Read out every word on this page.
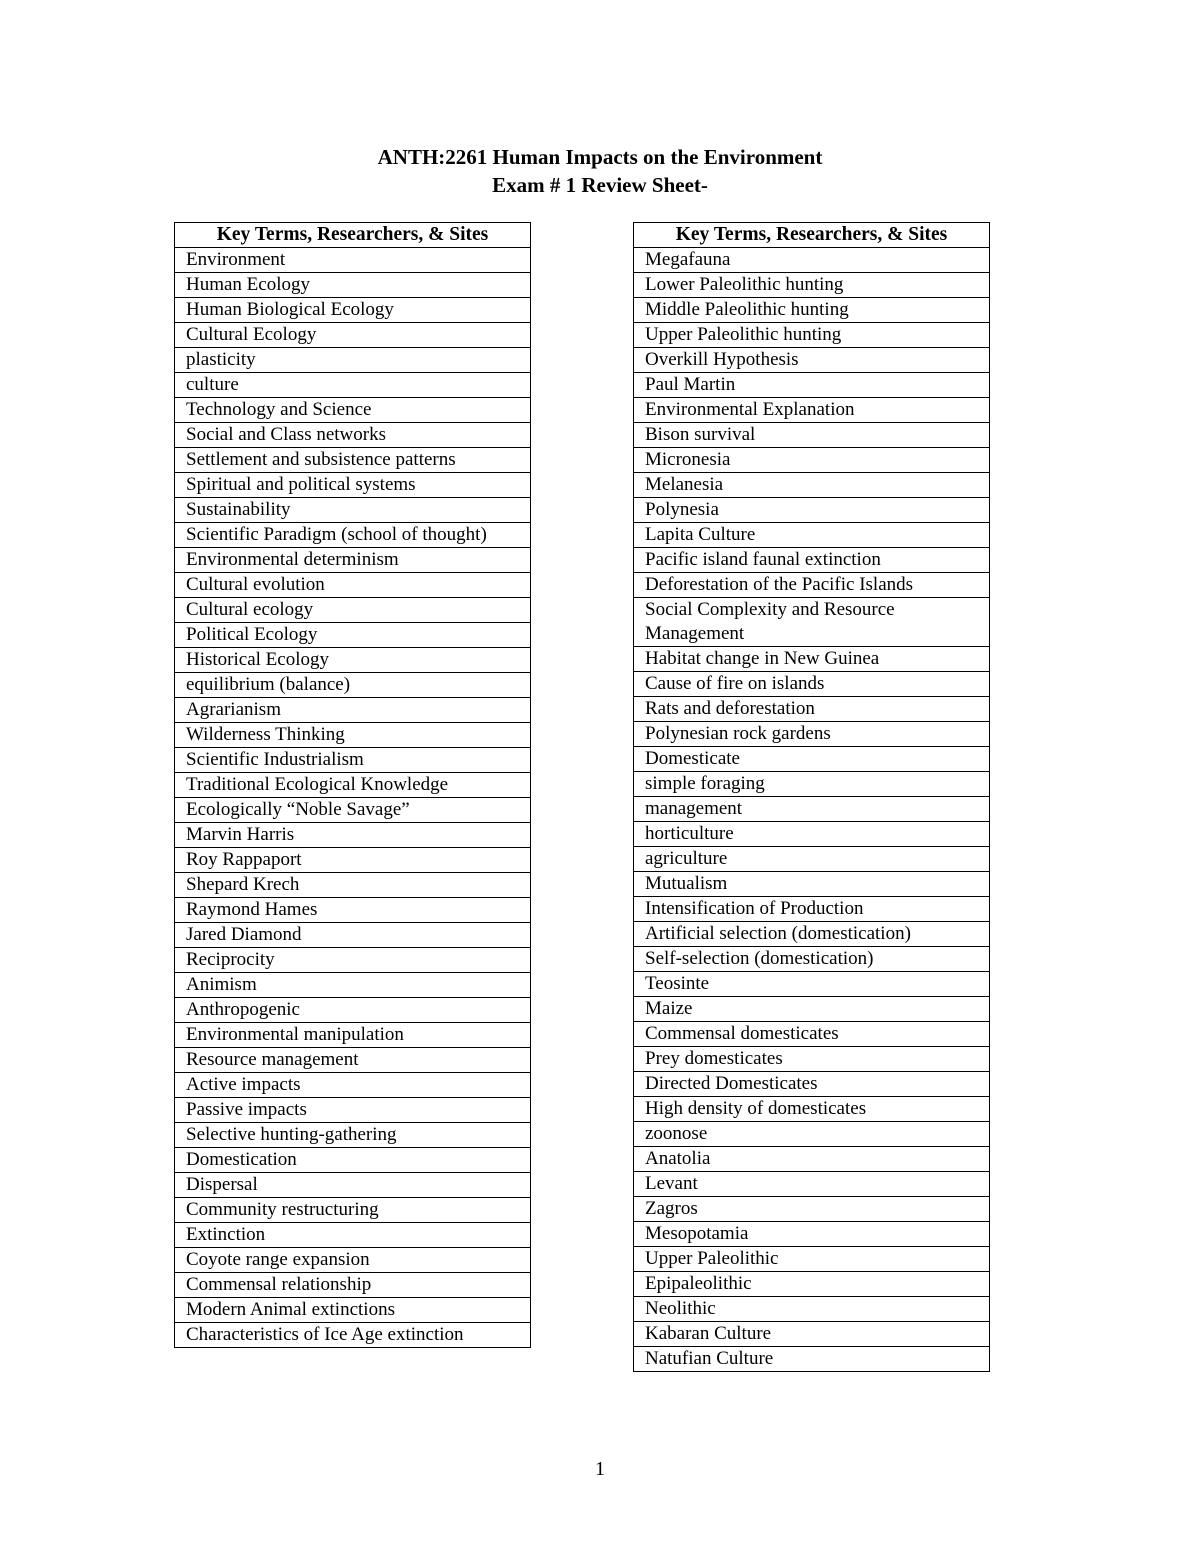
ANTH:2261 Human Impacts on the Environment
Exam # 1 Review Sheet-
Key Terms, Researchers, & Sites
Environment
Human Ecology
Human Biological Ecology
Cultural Ecology
plasticity
culture
Technology and Science
Social and Class networks
Settlement and subsistence patterns
Spiritual and political systems
Sustainability
Scientific Paradigm (school of thought)
Environmental determinism
Cultural evolution
Cultural ecology
Political Ecology
Historical Ecology
equilibrium (balance)
Agrarianism
Wilderness Thinking
Scientific Industrialism
Traditional Ecological Knowledge
Ecologically “Noble Savage”
Marvin Harris
Roy Rappaport
Shepard Krech
Raymond Hames
Jared Diamond
Reciprocity
Animism
Anthropogenic
Environmental manipulation
Resource management
Active impacts
Passive impacts
Selective hunting-gathering
Domestication
Dispersal
Community restructuring
Extinction
Coyote range expansion
Commensal relationship
Modern Animal extinctions
Characteristics of Ice Age extinction
Key Terms, Researchers, & Sites
Megafauna
Lower Paleolithic hunting
Middle Paleolithic hunting
Upper Paleolithic hunting
Overkill Hypothesis
Paul Martin
Environmental Explanation
Bison survival
Micronesia
Melanesia
Polynesia
Lapita Culture
Pacific island faunal extinction
Deforestation of the Pacific Islands
Social Complexity and Resource Management
Habitat change in New Guinea
Cause of fire on islands
Rats and deforestation
Polynesian rock gardens
Domesticate
simple foraging
management
horticulture
agriculture
Mutualism
Intensification of Production
Artificial selection (domestication)
Self-selection (domestication)
Teosinte
Maize
Commensal domesticates
Prey domesticates
Directed Domesticates
High density of domesticates
zoonose
Anatolia
Levant
Zagros
Mesopotamia
Upper Paleolithic
Epipaleolithic
Neolithic
Kabaran Culture
Natufian Culture
1
